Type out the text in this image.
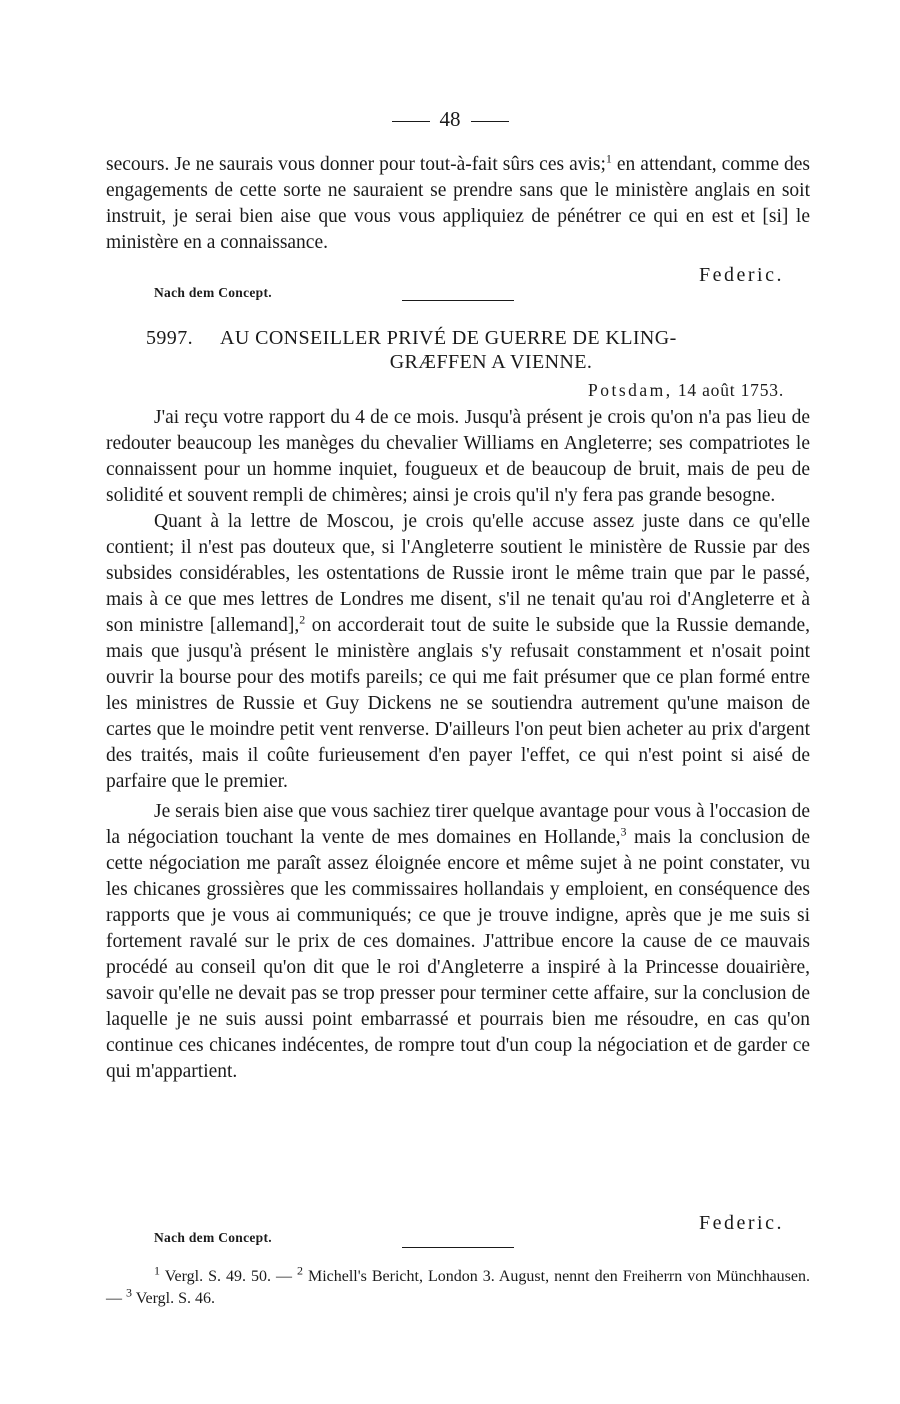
48

secours. Je ne saurais vous donner pour tout-à-fait sûrs ces avis;$^1$ en attendant, comme des engagements de cette sorte ne sauraient se prendre sans que le ministère anglais en soit instruit, je serai bien aise que vous vous appliquiez de pénétrer ce qui en est et [si] le ministère en a connaissance.

Federic.
Nach dem Concept.
5997. AU CONSEILLER PRIVÉ DE GUERRE DE KLING-
GRÆFFEN A VIENNE.
Potsdam, 14 août 1753.

J'ai reçu votre rapport du 4 de ce mois. Jusqu'à présent je crois qu'on n'a pas lieu de redouter beaucoup les manèges du chevalier Williams en Angleterre; ses compatriotes le connaissent pour un homme inquiet, fougueux et de beaucoup de bruit, mais de peu de solidité et souvent rempli de chimères; ainsi je crois qu'il n'y fera pas grande besogne.

Quant à la lettre de Moscou, je crois qu'elle accuse assez juste dans ce qu'elle contient; il n'est pas douteux que, si l'Angleterre soutient le ministère de Russie par des subsides considérables, les ostentations de Russie iront le même train que par le passé, mais à ce que mes lettres de Londres me disent, s'il ne tenait qu'au roi d'Angleterre et à son ministre [allemand],$^2$ on accorderait tout de suite le subside que la Russie demande, mais que jusqu'à présent le ministère anglais s'y refusait constamment et n'osait point ouvrir la bourse pour des motifs pareils; ce qui me fait présumer que ce plan formé entre les ministres de Russie et Guy Dickens ne se soutiendra autrement qu'une maison de cartes que le moindre petit vent renverse. D'ailleurs l'on peut bien acheter au prix d'argent des traités, mais il coûte furieusement d'en payer l'effet, ce qui n'est point si aisé de parfaire que le premier.

Je serais bien aise que vous sachiez tirer quelque avantage pour vous à l'occasion de la négociation touchant la vente de mes domaines en Hollande,$^3$ mais la conclusion de cette négociation me paraît assez éloignée encore et même sujet à ne point constater, vu les chicanes grossières que les commissaires hollandais y emploient, en conséquence des rapports que je vous ai communiqués; ce que je trouve indigne, après que je me suis si fortement ravalé sur le prix de ces domaines. J'attribue encore la cause de ce mauvais procédé au conseil qu'on dit que le roi d'Angleterre a inspiré à la Princesse douairière, savoir qu'elle ne devait pas se trop presser pour terminer cette affaire, sur la conclusion de laquelle je ne suis aussi point embarrassé et pourrais bien me résoudre, en cas qu'on continue ces chicanes indécentes, de rompre tout d'un coup la négociation et de garder ce qui m'appartient.

Federic.
Nach dem Concept.
$^1$ Vergl. S. 49. 50. — $^2$ Michell's Bericht, London 3. August, nennt den Freiherrn von Münchhausen. — $^3$ Vergl. S. 46.
